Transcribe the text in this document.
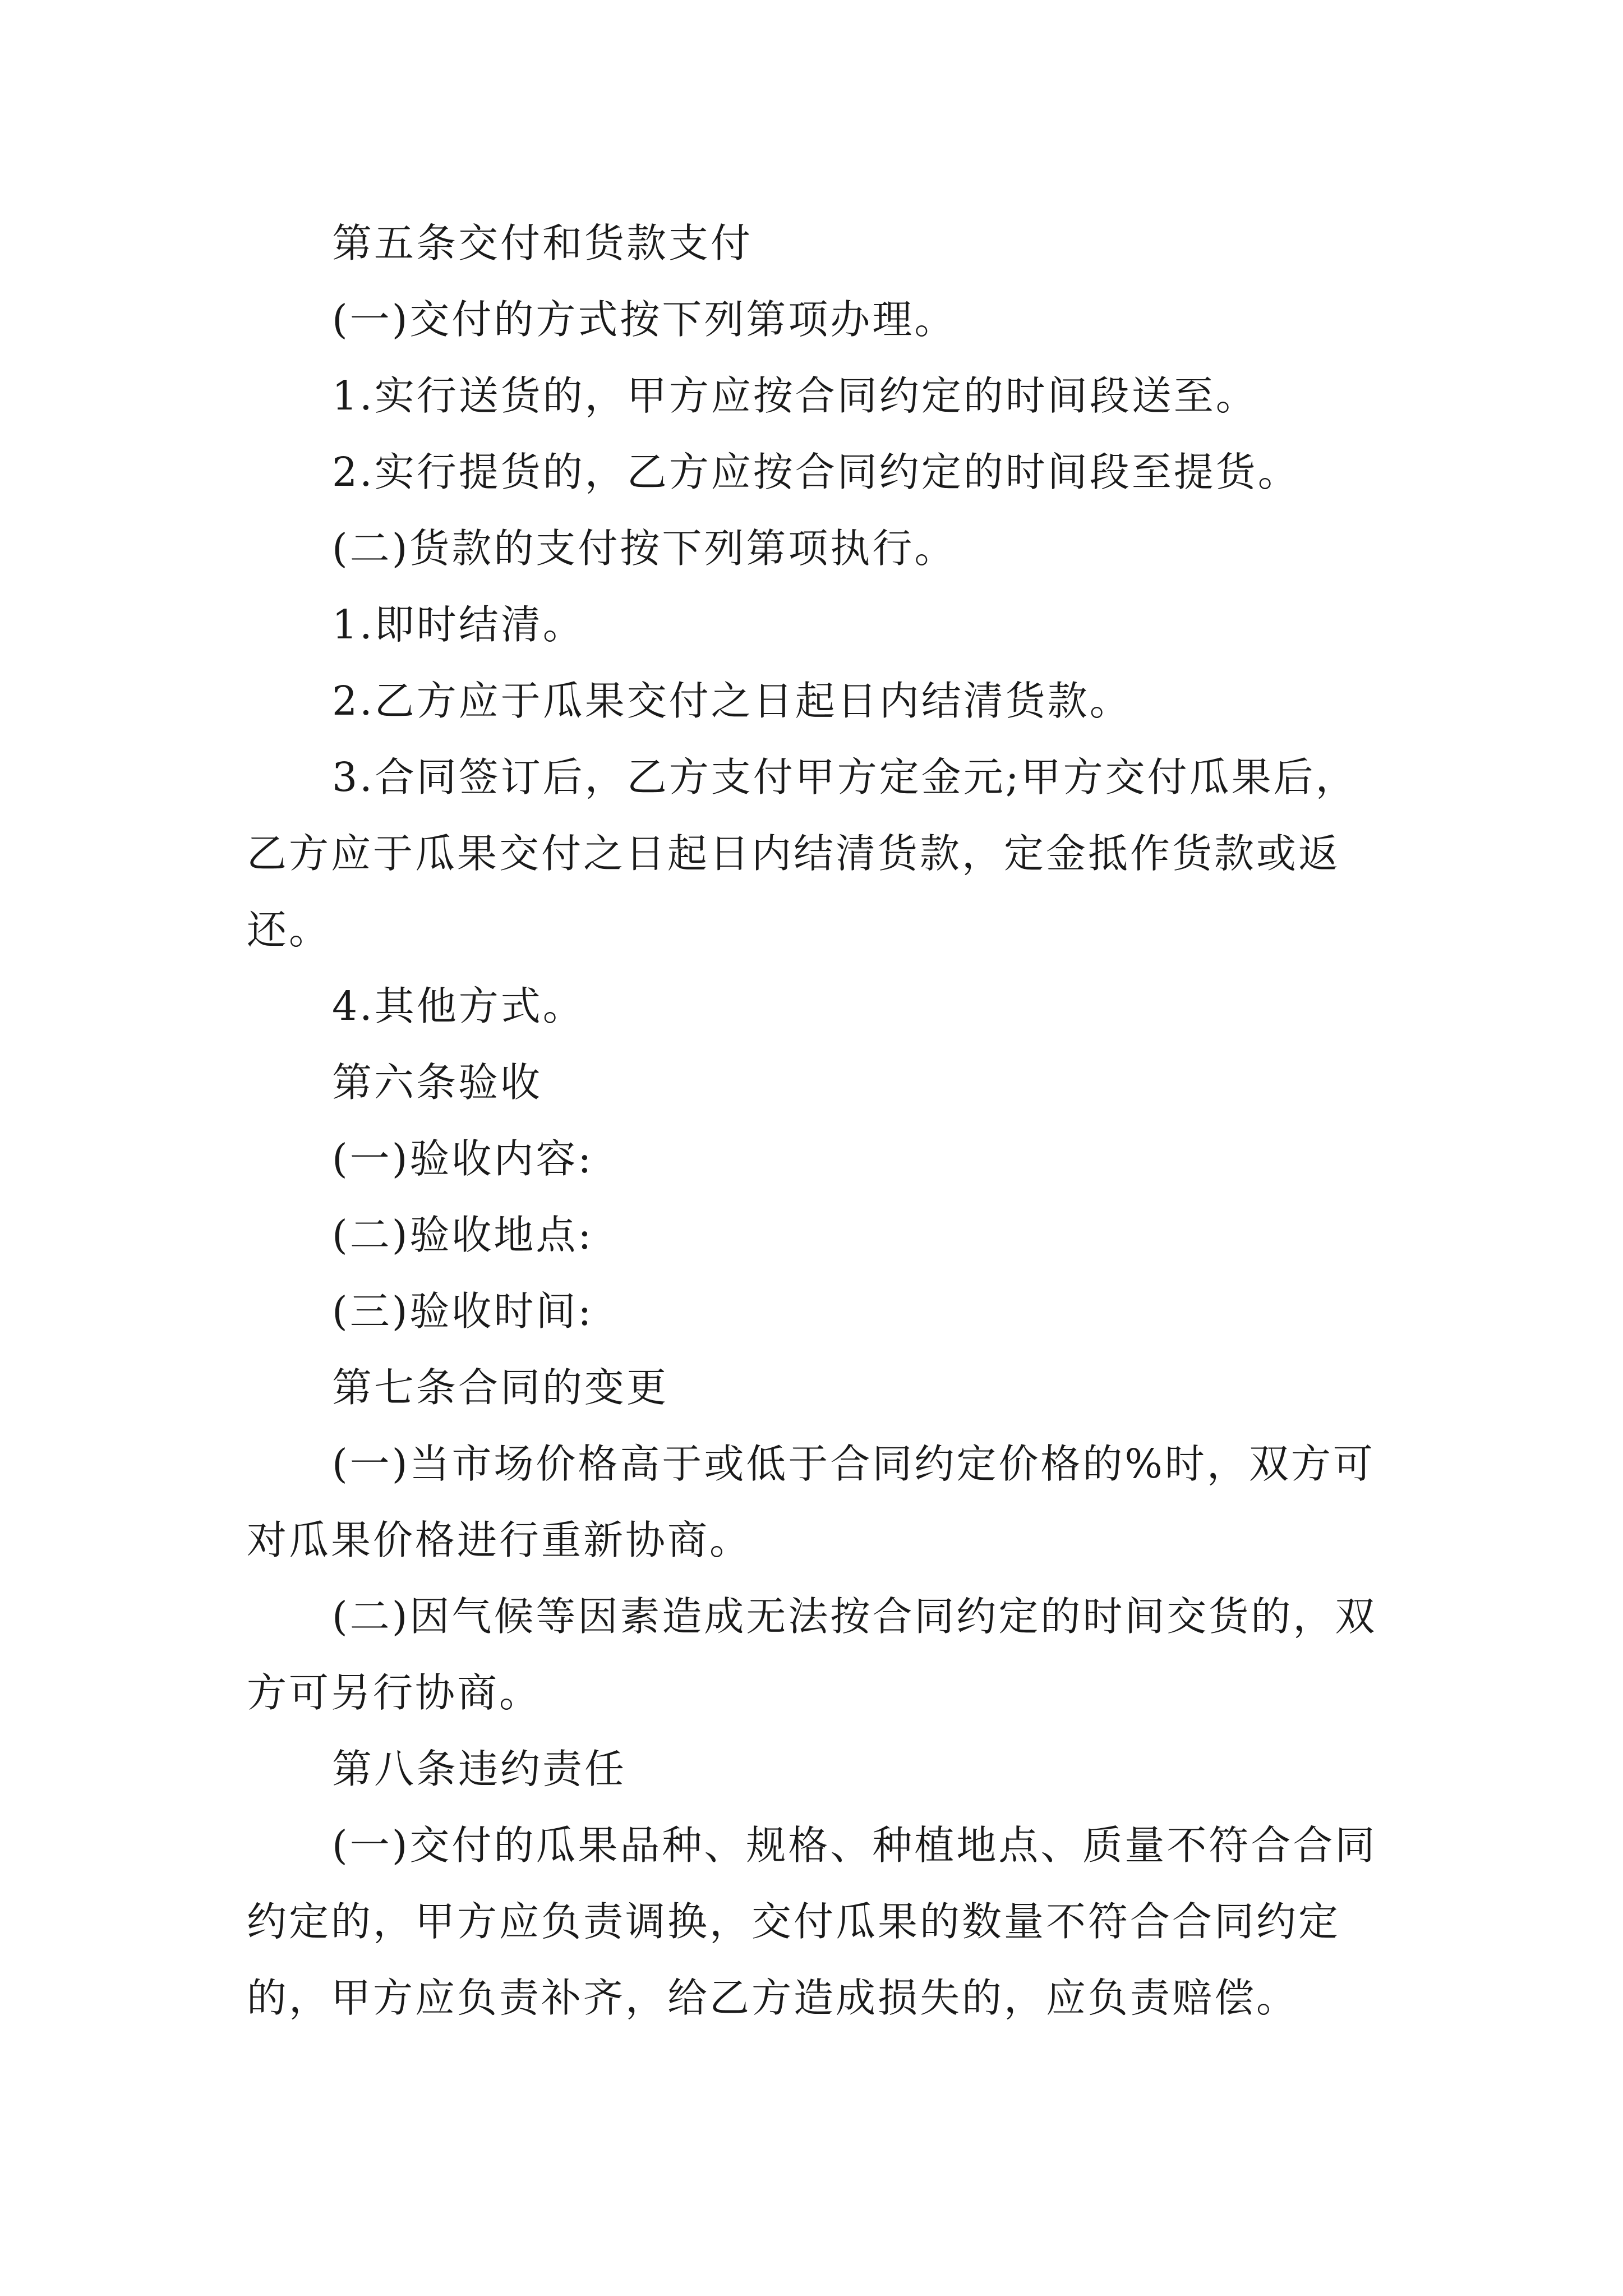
第五条交付和货款支付

(一)交付的方式按下列第项办理。

1.实行送货的，甲方应按合同约定的时间段送至。

2.实行提货的，乙方应按合同约定的时间段至提货。

(二)货款的支付按下列第项执行。

1.即时结清。

2.乙方应于瓜果交付之日起日内结清货款。

3.合同签订后，乙方支付甲方定金元;甲方交付瓜果后，乙方应于瓜果交付之日起日内结清货款，定金抵作货款或返还。

4.其他方式。

第六条验收

(一)验收内容:

(二)验收地点:

(三)验收时间:

第七条合同的变更

(一)当市场价格高于或低于合同约定价格的%时，双方可对瓜果价格进行重新协商。

(二)因气候等因素造成无法按合同约定的时间交货的，双方可另行协商。

第八条违约责任

(一)交付的瓜果品种、规格、种植地点、质量不符合合同约定的，甲方应负责调换，交付瓜果的数量不符合合同约定的，甲方应负责补齐，给乙方造成损失的，应负责赔偿。
